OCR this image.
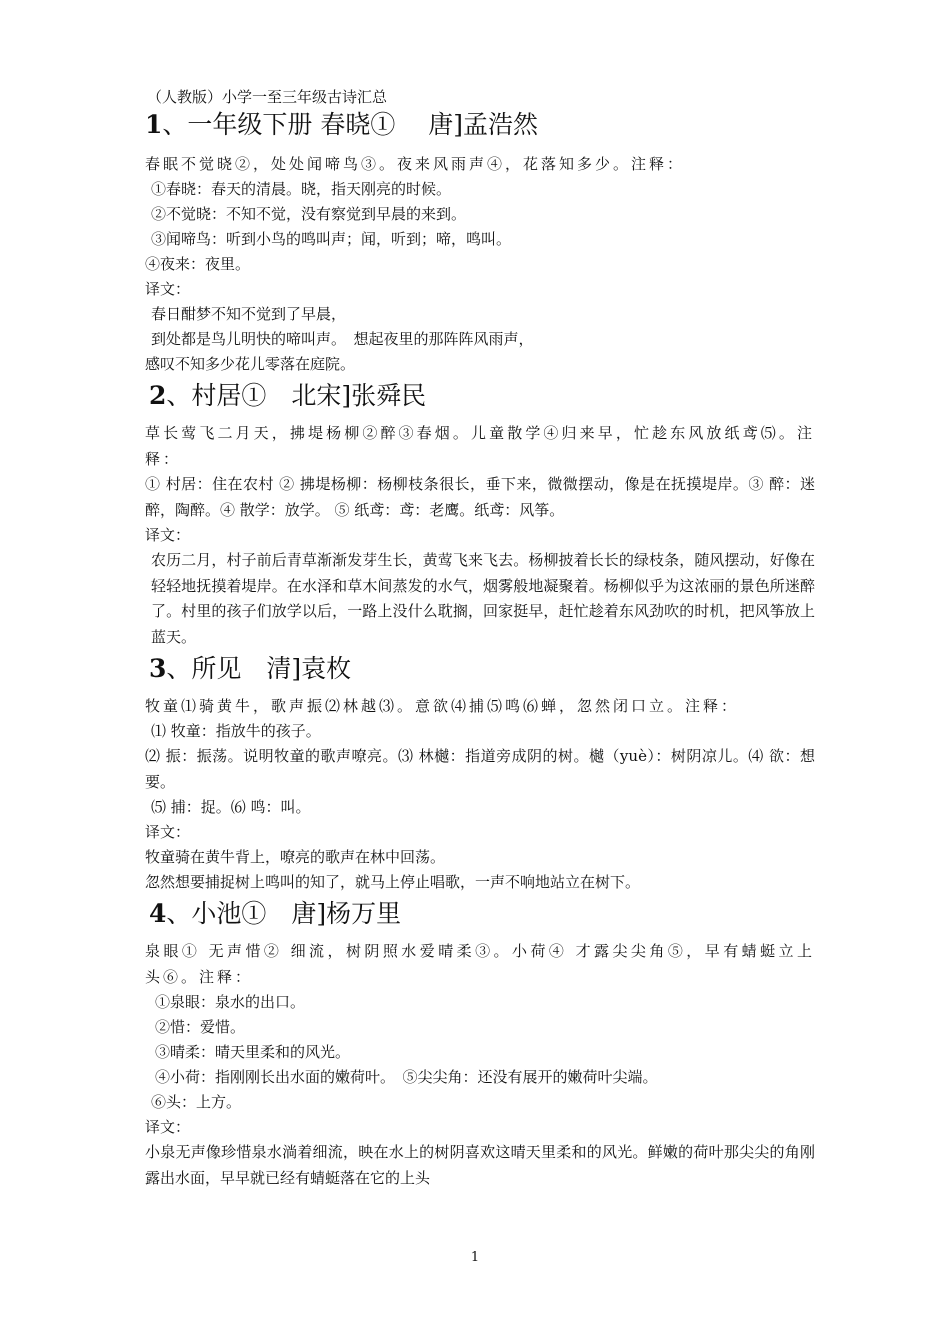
（人教版）小学一至三年级古诗汇总

1、一年级下册 春晓①　 唐]孟浩然

春眠不觉晓②，处处闻啼鸟③。夜来风雨声④，花落知多少。注释：

①春晓：春天的清晨。晓，指天刚亮的时候。

②不觉晓：不知不觉，没有察觉到早晨的来到。

③闻啼鸟：听到小鸟的鸣叫声；闻，听到；啼，鸣叫。

④夜来：夜里。

译文：

春日酣梦不知不觉到了早晨，

到处都是鸟儿明快的啼叫声。　想起夜里的那阵阵风雨声，

感叹不知多少花儿零落在庭院。

2、村居①　北宋]张舜民

草长莺飞二月天，拂堤杨柳②醉③春烟。儿童散学④归来早，忙趁东风放纸鸢⑸。注释：

① 村居：住在农村 ② 拂堤杨柳：杨柳枝条很长，垂下来，微微摆动，像是在抚摸堤岸。③ 醉：迷醉，陶醉。④ 散学：放学。 ⑤ 纸鸢：鸢：老鹰。纸鸢：风筝。

译文：

农历二月，村子前后青草渐渐发芽生长，黄莺飞来飞去。杨柳披着长长的绿枝条，随风摆动，好像在轻轻地抚摸着堤岸。在水泽和草木间蒸发的水气，烟雾般地凝聚着。杨柳似乎为这浓丽的景色所迷醉了。村里的孩子们放学以后，一路上没什么耽搁，回家挺早，赶忙趁着东风劲吹的时机，把风筝放上蓝天。

3、所见　清]袁枚

牧童⑴骑黄牛，歌声振⑵林越⑶。意欲⑷捕⑸鸣⑹蝉，忽然闭口立。注释：

⑴ 牧童：指放牛的孩子。

⑵ 振：振荡。说明牧童的歌声嘹亮。⑶ 林樾：指道旁成阴的树。樾（yuè）：树阴凉儿。⑷ 欲：想要。

⑸ 捕：捉。⑹ 鸣：叫。

译文：

牧童骑在黄牛背上，嘹亮的歌声在林中回荡。

忽然想要捕捉树上鸣叫的知了，就马上停止唱歌，一声不响地站立在树下。

4、小池①　唐]杨万里

泉眼① 无声惜② 细流，树阴照水爱晴柔③。小荷④ 才露尖尖角⑤，早有蜻蜓立上头⑥。注释：

①泉眼：泉水的出口。

②惜：爱惜。

③晴柔：晴天里柔和的风光。

④小荷：指刚刚长出水面的嫩荷叶。　⑤尖尖角：还没有展开的嫩荷叶尖端。

⑥头：上方。

译文：

小泉无声像珍惜泉水淌着细流，映在水上的树阴喜欢这晴天里柔和的风光。鲜嫩的荷叶那尖尖的角刚露出水面，早早就已经有蜻蜓落在它的上头

1
